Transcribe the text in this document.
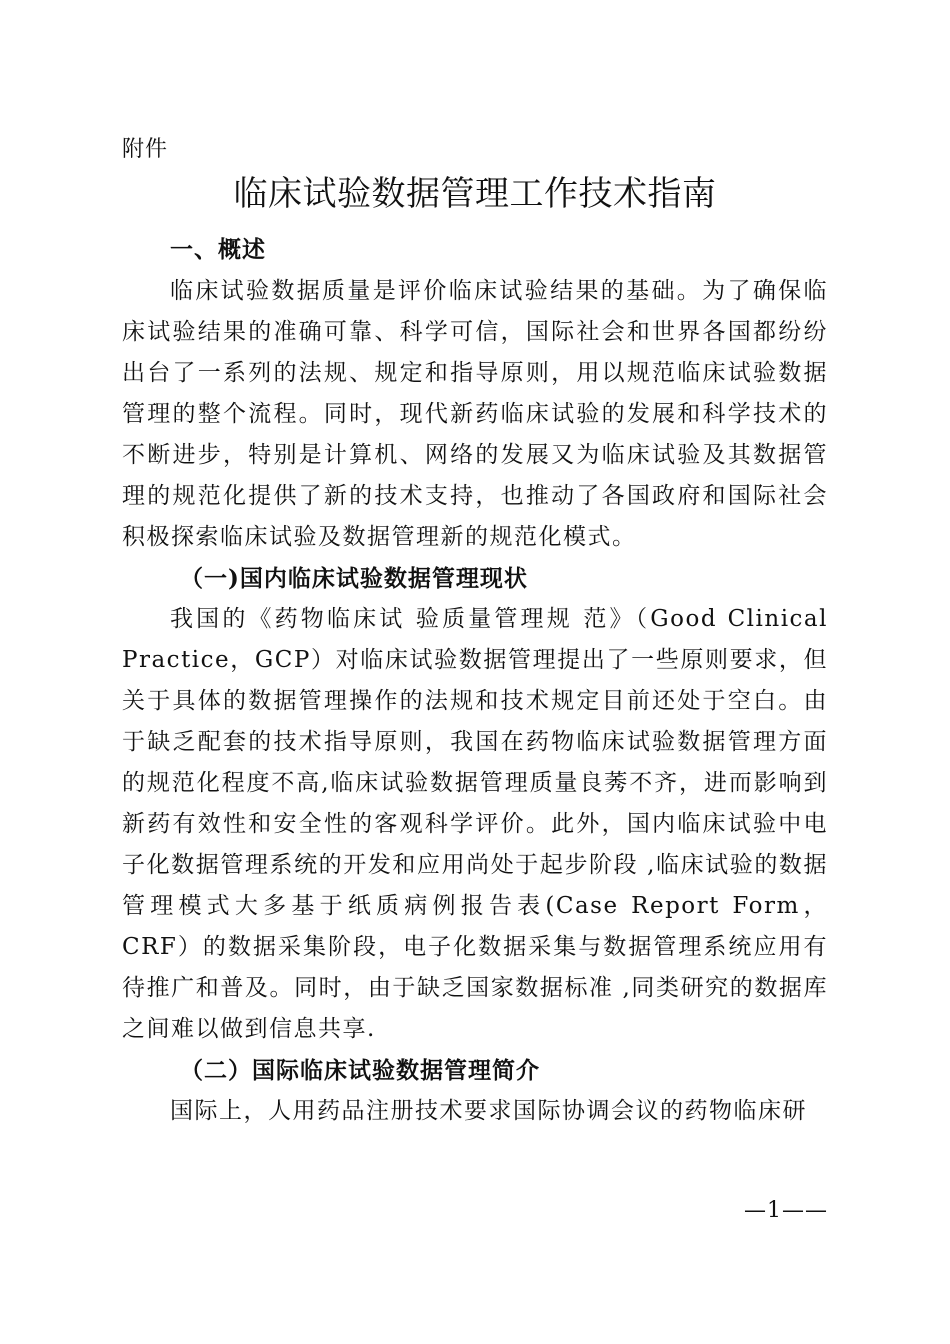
附件
临床试验数据管理工作技术指南
一、概述

临床试验数据质量是评价临床试验结果的基础。为了确保临床试验结果的准确可靠、科学可信，国际社会和世界各国都纷纷出台了一系列的法规、规定和指导原则，用以规范临床试验数据管理的整个流程。同时，现代新药临床试验的发展和科学技术的不断进步，特别是计算机、网络的发展又为临床试验及其数据管理的规范化提供了新的技术支持，也推动了各国政府和国际社会积极探索临床试验及数据管理新的规范化模式。

（一)国内临床试验数据管理现状

我国的《药物临床试 验质量管理规 范》（Good Clinical Practice，GCP）对临床试验数据管理提出了一些原则要求，但关于具体的数据管理操作的法规和技术规定目前还处于空白。由于缺乏配套的技术指导原则，我国在药物临床试验数据管理方面的规范化程度不高,临床试验数据管理质量良莠不齐，进而影响到新药有效性和安全性的客观科学评价。此外，国内临床试验中电子化数据管理系统的开发和应用尚处于起步阶段 ,临床试验的数据管理模式大多基于纸质病例报告表(Case Report Form，CRF）的数据采集阶段，电子化数据采集与数据管理系统应用有待推广和普及。同时，由于缺乏国家数据标准 ,同类研究的数据库之间难以做到信息共享.

（二）国际临床试验数据管理简介

国际上，人用药品注册技术要求国际协调会议的药物临床研

—1——
